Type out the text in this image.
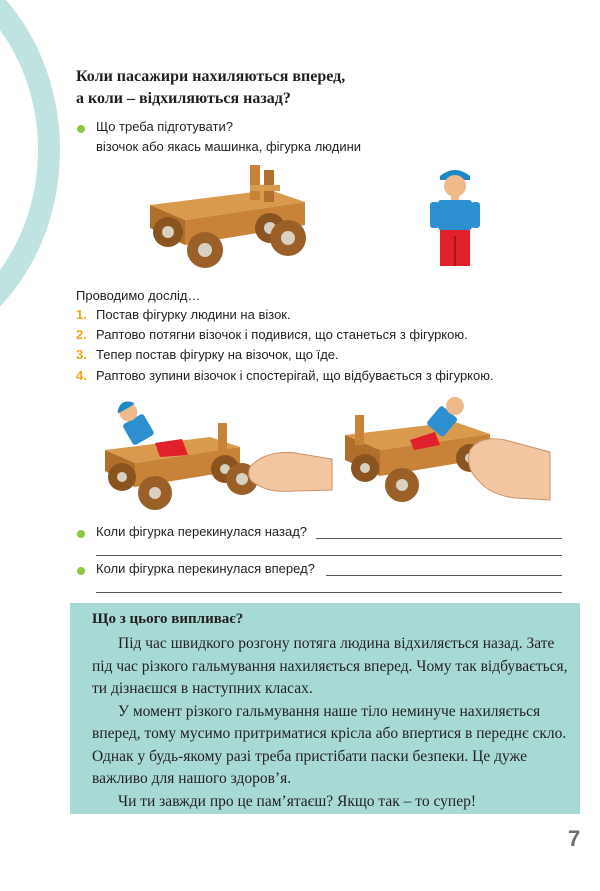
Коли пасажири нахиляються вперед,
а коли – відхиляються назад?
Що треба підготувати?
візочок або якась машинка, фігурка людини
Проводимо дослід…
1. Постав фігурку людини на візок.
2. Раптово потягни візочок і подивися, що станеться з фігуркою.
3. Тепер постав фігурку на візочок, що їде.
4. Раптово зупини візочок і спостерігай, що відбувається з фігуркою.
Коли фігурка перекинулася назад?
Коли фігурка перекинулася вперед?
Що з цього випливає?

Під час швидкого розгону потяга людина відхиляється назад. Зате під час різкого гальмування нахиляється вперед. Чому так відбувається, ти дізнаєшся в наступних класах.

У момент різкого гальмування наше тіло неминуче нахиляється вперед, тому мусимо притриматися крісла або впертися в переднє скло. Однак у будь-якому разі треба пристібати паски безпеки. Це дуже важливо для нашого здоров’я.

Чи ти завжди про це пам’ятаєш? Якщо так – то супер!

7
